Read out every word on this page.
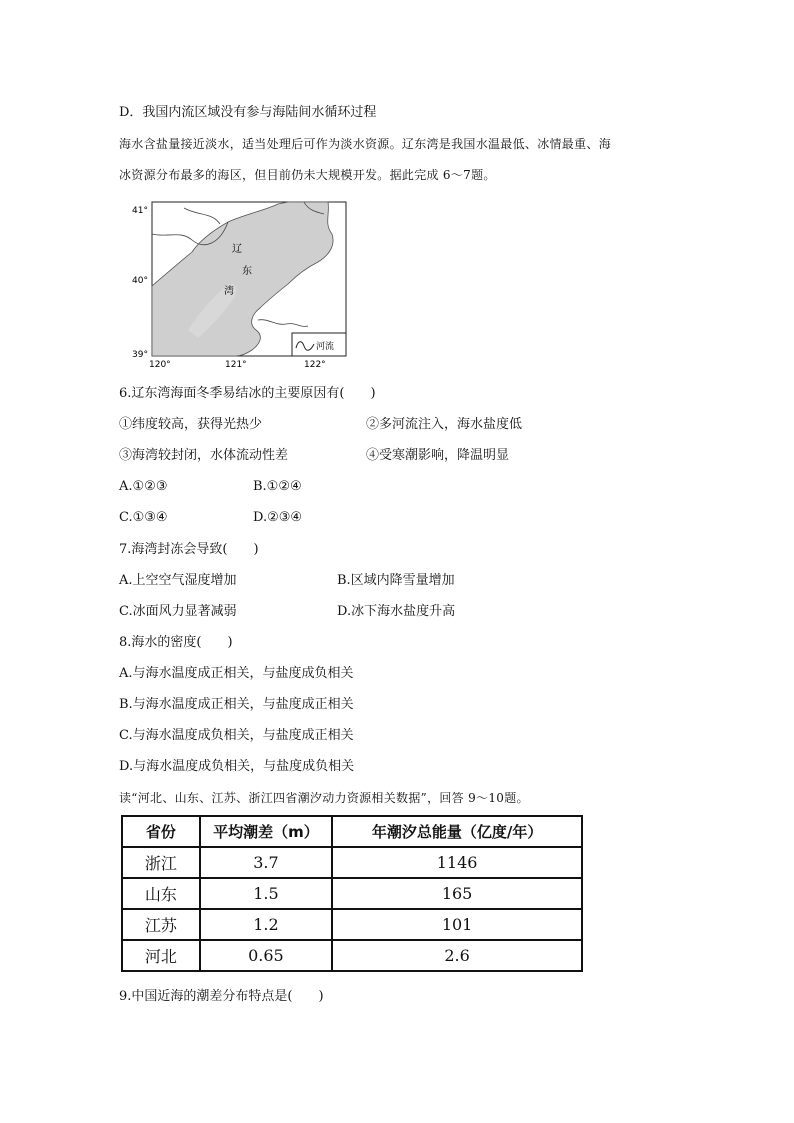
D．我国内流区域没有参与海陆间水循环过程
海水含盐量接近淡水，适当处理后可作为淡水资源。辽东湾是我国水温最低、冰情最重、海
冰资源分布最多的海区，但目前仍未大规模开发。据此完成 6～7题。
41°
40°
39°
120°	121°	122°
辽
东
湾
河流
6.辽东湾海面冬季易结冰的主要原因有(　　)
①纬度较高，获得光热少	②多河流注入，海水盐度低
③海湾较封闭，水体流动性差	④受寒潮影响，降温明显
A.①②③	B.①②④
C.①③④	D.②③④
7.海湾封冻会导致(　　)
A.上空空气湿度增加	B.区域内降雪量增加
C.冰面风力显著减弱	D.冰下海水盐度升高
8.海水的密度(　　)
A.与海水温度成正相关，与盐度成负相关
B.与海水温度成正相关，与盐度成正相关
C.与海水温度成负相关，与盐度成正相关
D.与海水温度成负相关，与盐度成负相关
读“河北、山东、江苏、浙江四省潮汐动力资源相关数据”，回答 9～10题。
省份	平均潮差（m）	年潮汐总能量（亿度/年）
浙江	3.7	1146
山东	1.5	165
江苏	1.2	101
河北	0.65	2.6
9.中国近海的潮差分布特点是(　　)
